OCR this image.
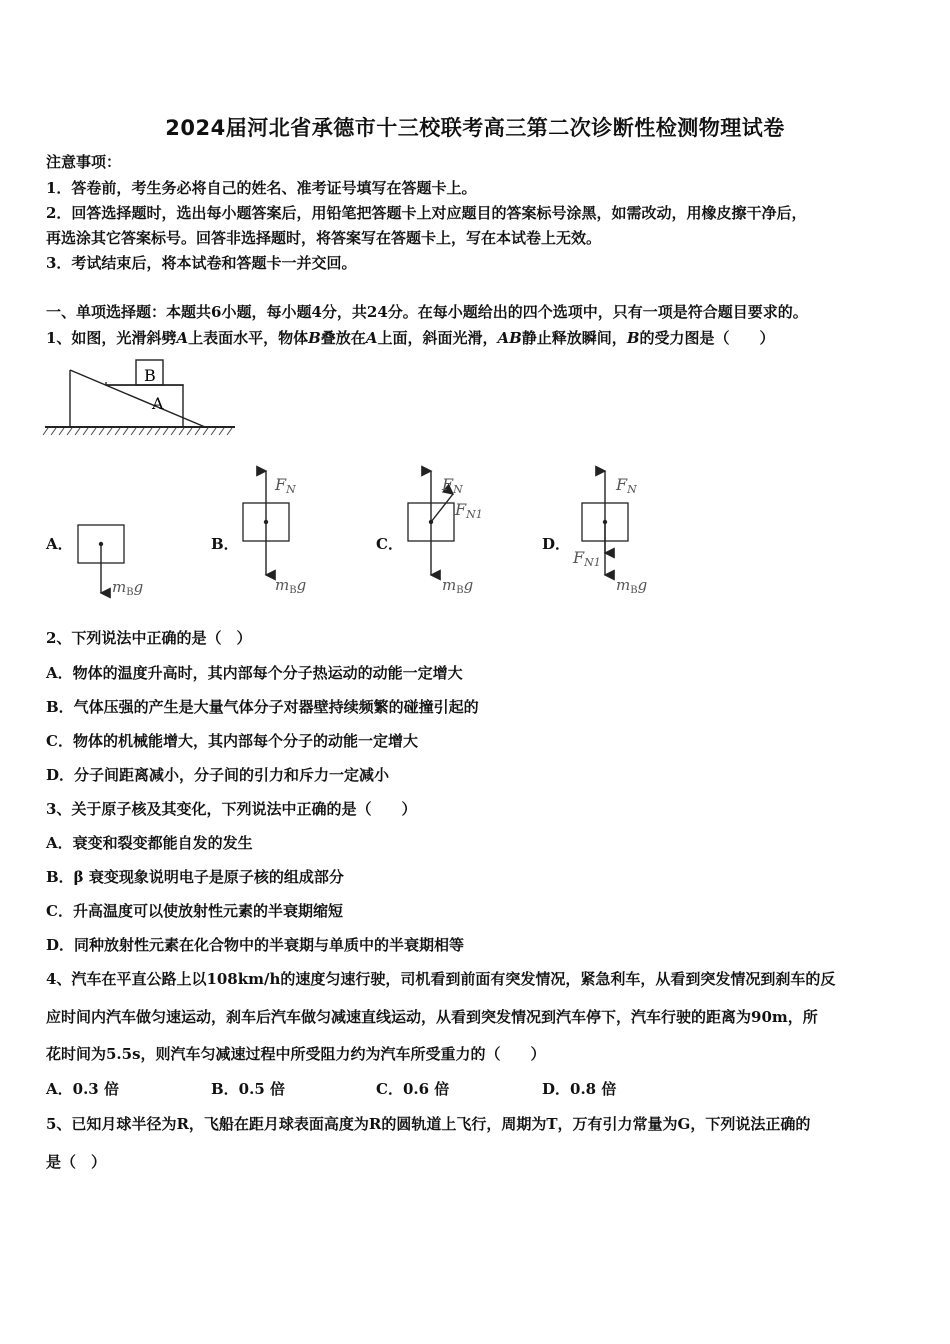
2024届河北省承德市十三校联考高三第二次诊断性检测物理试卷
注意事项：
1．答卷前，考生务必将自己的姓名、准考证号填写在答题卡上。
2．回答选择题时，选出每小题答案后，用铅笔把答题卡上对应题目的答案标号涂黑，如需改动，用橡皮擦干净后，
再选涂其它答案标号。回答非选择题时，将答案写在答题卡上，写在本试卷上无效。
3．考试结束后，将本试卷和答题卡一并交回。
一、单项选择题：本题共6小题，每小题4分，共24分。在每小题给出的四个选项中，只有一项是符合题目要求的。
1、如图，光滑斜劈A上表面水平，物体B叠放在A上面，斜面光滑，AB静止释放瞬间，B的受力图是（　　）
B
A
A．	B．	C．	D．
$m_Bg$
FN
$m_Bg$
FN
FN1
$m_Bg$
FN
FN1
$m_Bg$
2、下列说法中正确的是（　）
A．物体的温度升高时，其内部每个分子热运动的动能一定增大
B．气体压强的产生是大量气体分子对器壁持续频繁的碰撞引起的
C．物体的机械能增大，其内部每个分子的动能一定增大
D．分子间距离减小，分子间的引力和斥力一定减小
3、关于原子核及其变化，下列说法中正确的是（　　）
A．衰变和裂变都能自发的发生
B．β 衰变现象说明电子是原子核的组成部分
C．升高温度可以使放射性元素的半衰期缩短
D．同种放射性元素在化合物中的半衰期与单质中的半衰期相等
4、汽车在平直公路上以108km/h的速度匀速行驶，司机看到前面有突发情况，紧急利车，从看到突发情况到刹车的反
应时间内汽车做匀速运动，刹车后汽车做匀减速直线运动，从看到突发情况到汽车停下，汽车行驶的距离为90m，所
花时间为5.5s，则汽车匀减速过程中所受阻力约为汽车所受重力的（　　）
A．0.3 倍	B．0.5 倍	C．0.6 倍	D．0.8 倍
5、已知月球半径为R，飞船在距月球表面高度为R的圆轨道上飞行，周期为T，万有引力常量为G，下列说法正确的
是（　）
